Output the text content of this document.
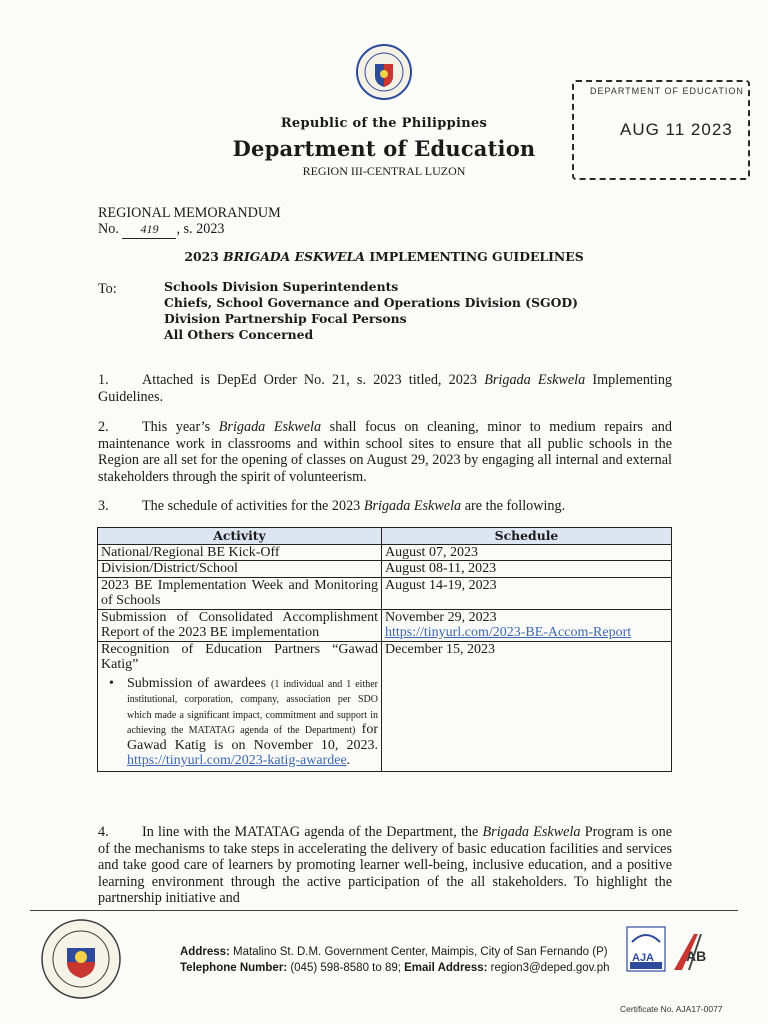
Republic of the Philippines
Department of Education
REGION III-CENTRAL LUZON
DEPARTMENT OF EDUCATION
AUG 11 2023
REGIONAL MEMORANDUM
No. 419 , s. 2023
2023 BRIGADA ESKWELA IMPLEMENTING GUIDELINES
To:	Schools Division Superintendents
Chiefs, School Governance and Operations Division (SGOD)
Division Partnership Focal Persons
All Others Concerned
1. Attached is DepEd Order No. 21, s. 2023 titled, 2023 Brigada Eskwela Implementing Guidelines.
2. This year’s Brigada Eskwela shall focus on cleaning, minor to medium repairs and maintenance work in classrooms and within school sites to ensure that all public schools in the Region are all set for the opening of classes on August 29, 2023 by engaging all internal and external stakeholders through the spirit of volunteerism.
3. The schedule of activities for the 2023 Brigada Eskwela are the following.
Activity	Schedule
National/Regional BE Kick-Off	August 07, 2023
Division/District/School	August 08-11, 2023
2023 BE Implementation Week and Monitoring of Schools	August 14-19, 2023
Submission of Consolidated Accomplishment Report of the 2023 BE implementation	November 29, 2023
https://tinyurl.com/2023-BE-Accom-Report

Recognition of Education Partners “Gawad Katig”
• Submission of awardees (1 individual and 1 either institutional, corporation, company, association per SDO which made a significant impact, commitment and support in achieving the MATATAG agenda of the Department) for Gawad Katig is on November 10, 2023. https://tinyurl.com/2023-katig-awardee.	December 15, 2023
4. In line with the MATATAG agenda of the Department, the Brigada Eskwela Program is one of the mechanisms to take steps in accelerating the delivery of basic education facilities and services and take good care of learners by promoting learner well-being, inclusive education, and a positive learning environment through the active participation of the all stakeholders. To highlight the partnership initiative and
Address: Matalino St. D.M. Government Center, Maimpis, City of San Fernando (P)
Telephone Number: (045) 598-8580 to 89; Email Address: region3@deped.gov.ph
AJA AB
Certificate No. AJA17-0077
